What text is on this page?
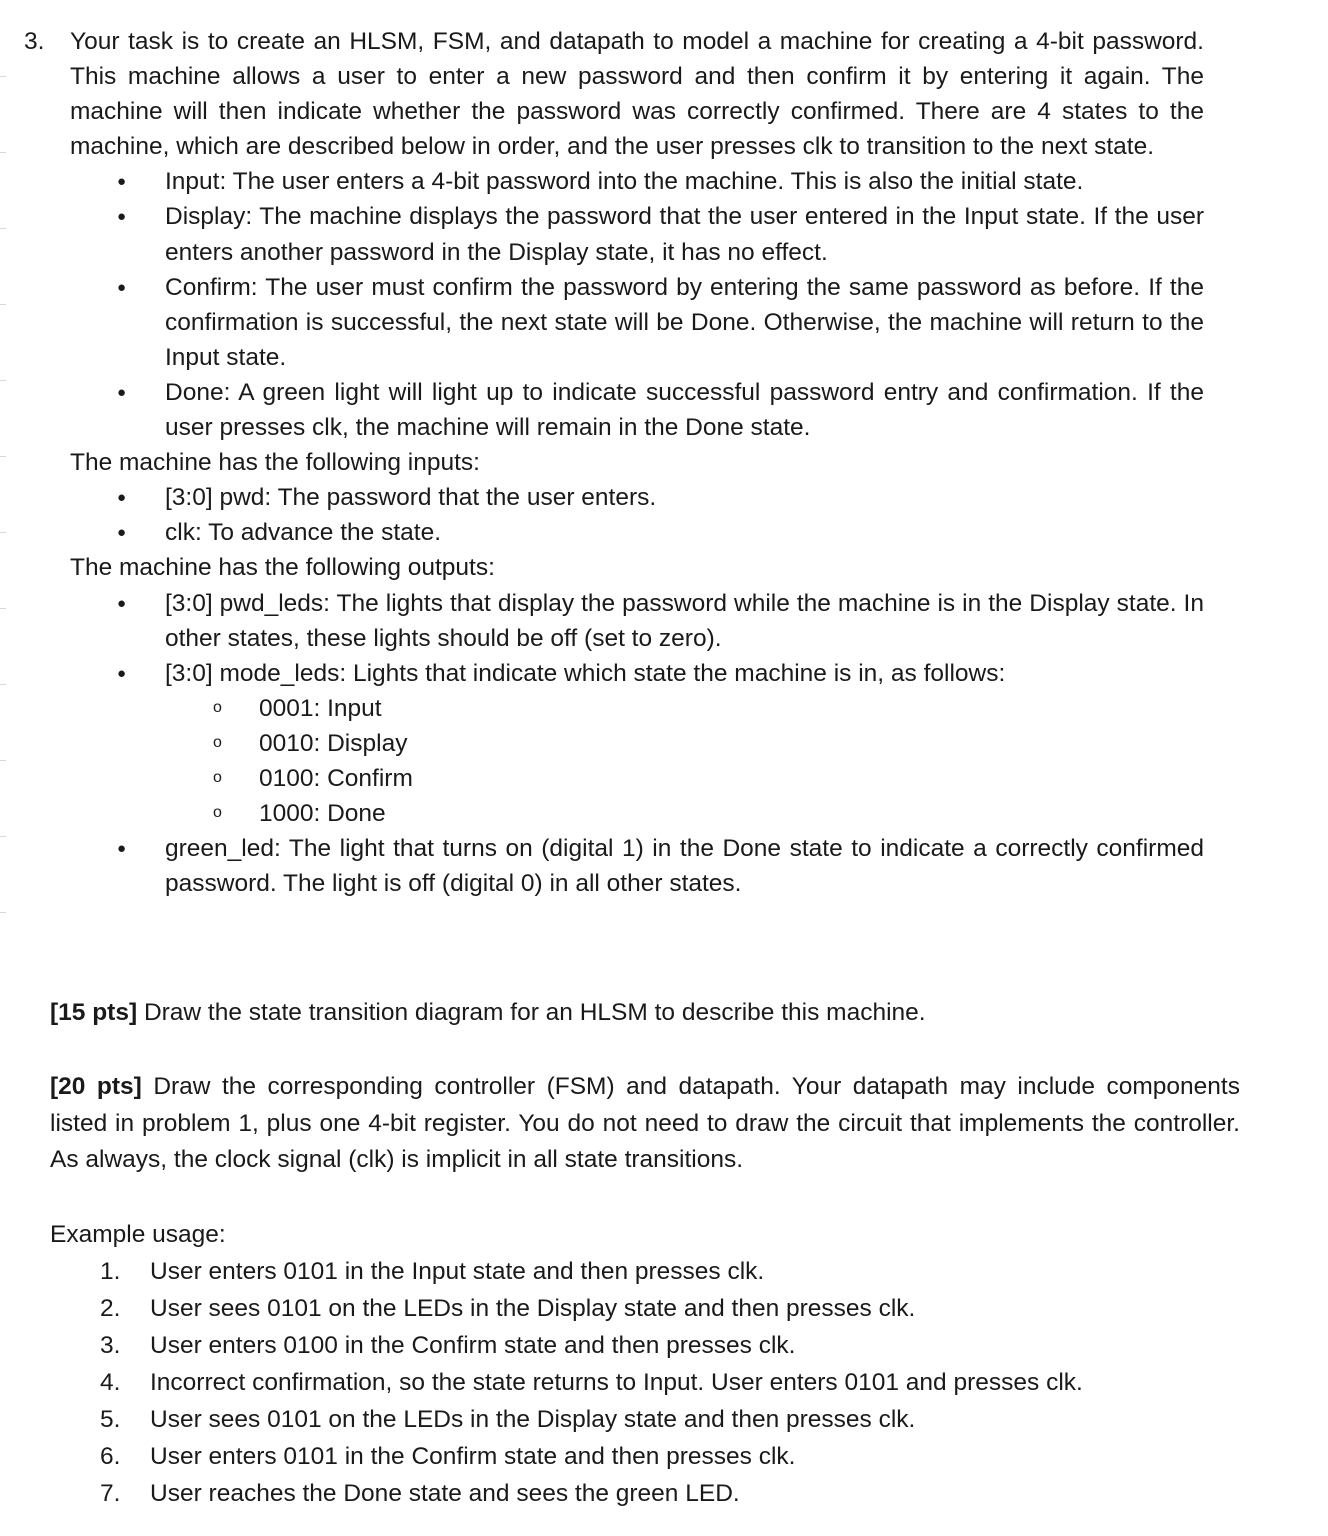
3. Your task is to create an HLSM, FSM, and datapath to model a machine for creating a 4-bit password. This machine allows a user to enter a new password and then confirm it by entering it again. The machine will then indicate whether the password was correctly confirmed. There are 4 states to the machine, which are described below in order, and the user presses clk to transition to the next state.
● Input: The user enters a 4-bit password into the machine. This is also the initial state.
● Display: The machine displays the password that the user entered in the Input state. If the user enters another password in the Display state, it has no effect.
● Confirm: The user must confirm the password by entering the same password as before. If the confirmation is successful, the next state will be Done. Otherwise, the machine will return to the Input state.
● Done: A green light will light up to indicate successful password entry and confirmation. If the user presses clk, the machine will remain in the Done state.
The machine has the following inputs:
● [3:0] pwd: The password that the user enters.
● clk: To advance the state.
The machine has the following outputs:
● [3:0] pwd_leds: The lights that display the password while the machine is in the Display state. In other states, these lights should be off (set to zero).
● [3:0] mode_leds: Lights that indicate which state the machine is in, as follows:
o 0001: Input
o 0010: Display
o 0100: Confirm
o 1000: Done
● green_led: The light that turns on (digital 1) in the Done state to indicate a correctly confirmed password. The light is off (digital 0) in all other states.
[15 pts] Draw the state transition diagram for an HLSM to describe this machine.
[20 pts] Draw the corresponding controller (FSM) and datapath. Your datapath may include components listed in problem 1, plus one 4-bit register. You do not need to draw the circuit that implements the controller. As always, the clock signal (clk) is implicit in all state transitions.
Example usage:
1. User enters 0101 in the Input state and then presses clk.
2. User sees 0101 on the LEDs in the Display state and then presses clk.
3. User enters 0100 in the Confirm state and then presses clk.
4. Incorrect confirmation, so the state returns to Input. User enters 0101 and presses clk.
5. User sees 0101 on the LEDs in the Display state and then presses clk.
6. User enters 0101 in the Confirm state and then presses clk.
7. User reaches the Done state and sees the green LED.
